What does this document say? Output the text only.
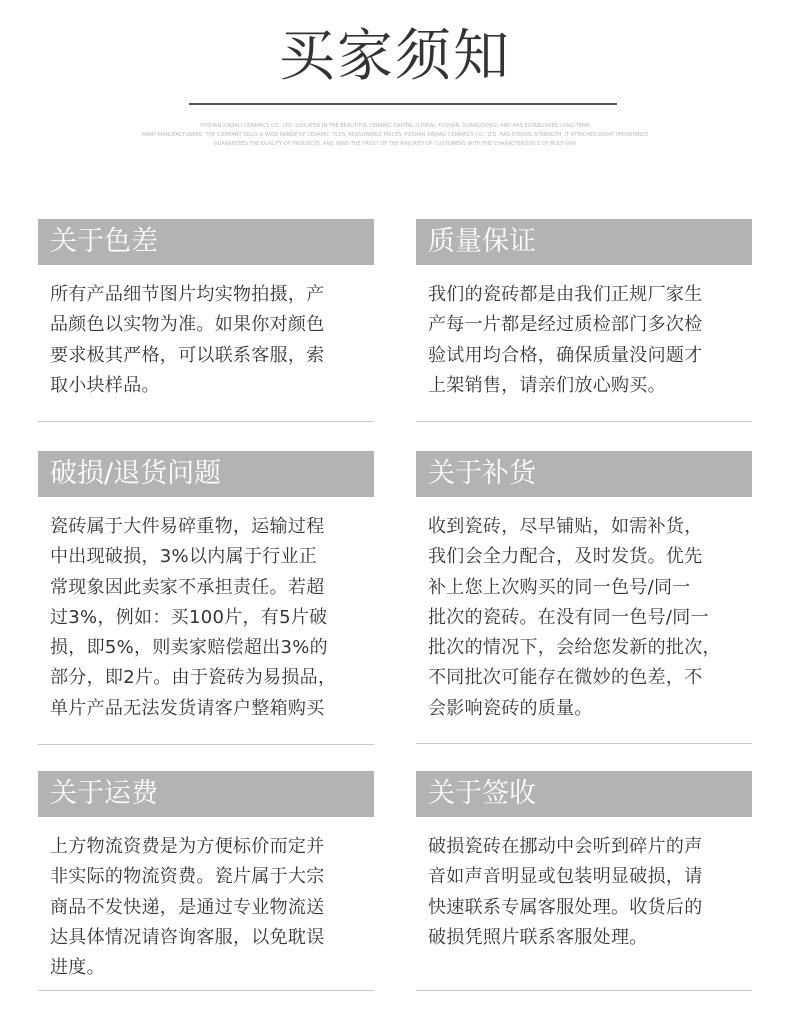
买家须知
FOSHAN XINJIALI CERAMICS CO., LTD. (LOCATED IN THE BEAUTIFUL CERAMIC CAPITAL (CHINA), FOSHAN, GUANGDONG) AND HAS ESTABLISHED LONG-TERM
MANY MANUFACTURERS. THE COMPANY SELLS A WIDE RANGE OF CERAMIC TILES, REASONABLE PRICES. FOSHAN XINJIALI CERAMICS CO., LTD. HAS STRONG STRENGTH. IT ATTACHES GREAT IMPORTANCE
GUARANTEES THE QUALITY OF PRODUCTS, AND WINS THE TRUST OF THE MAJORITY OF CUSTOMERS WITH THE CHARACTERISTICS OF MULTI-VAR
关于色差
所有产品细节图片均实物拍摄，产
品颜色以实物为准。如果你对颜色
要求极其严格，可以联系客服，索
取小块样品。
质量保证
我们的瓷砖都是由我们正规厂家生
产每一片都是经过质检部门多次检
验试用均合格，确保质量没问题才
上架销售，请亲们放心购买。
破损/退货问题
瓷砖属于大件易碎重物，运输过程
中出现破损，3%以内属于行业正
常现象因此卖家不承担责任。若超
过3%，例如：买100片，有5片破
损，即5%，则卖家赔偿超出3%的
部分，即2片。由于瓷砖为易损品，
单片产品无法发货请客户整箱购买
关于补货
收到瓷砖，尽早铺贴，如需补货，
我们会全力配合，及时发货。优先
补上您上次购买的同一色号/同一
批次的瓷砖。在没有同一色号/同一
批次的情况下，会给您发新的批次，
不同批次可能存在微妙的色差，不
会影响瓷砖的质量。
关于运费
上方物流资费是为方便标价而定并
非实际的物流资费。瓷片属于大宗
商品不发快递，是通过专业物流送
达具体情况请咨询客服，以免耽误
进度。
关于签收
破损瓷砖在挪动中会听到碎片的声
音如声音明显或包装明显破损，请
快速联系专属客服处理。收货后的
破损凭照片联系客服处理。
